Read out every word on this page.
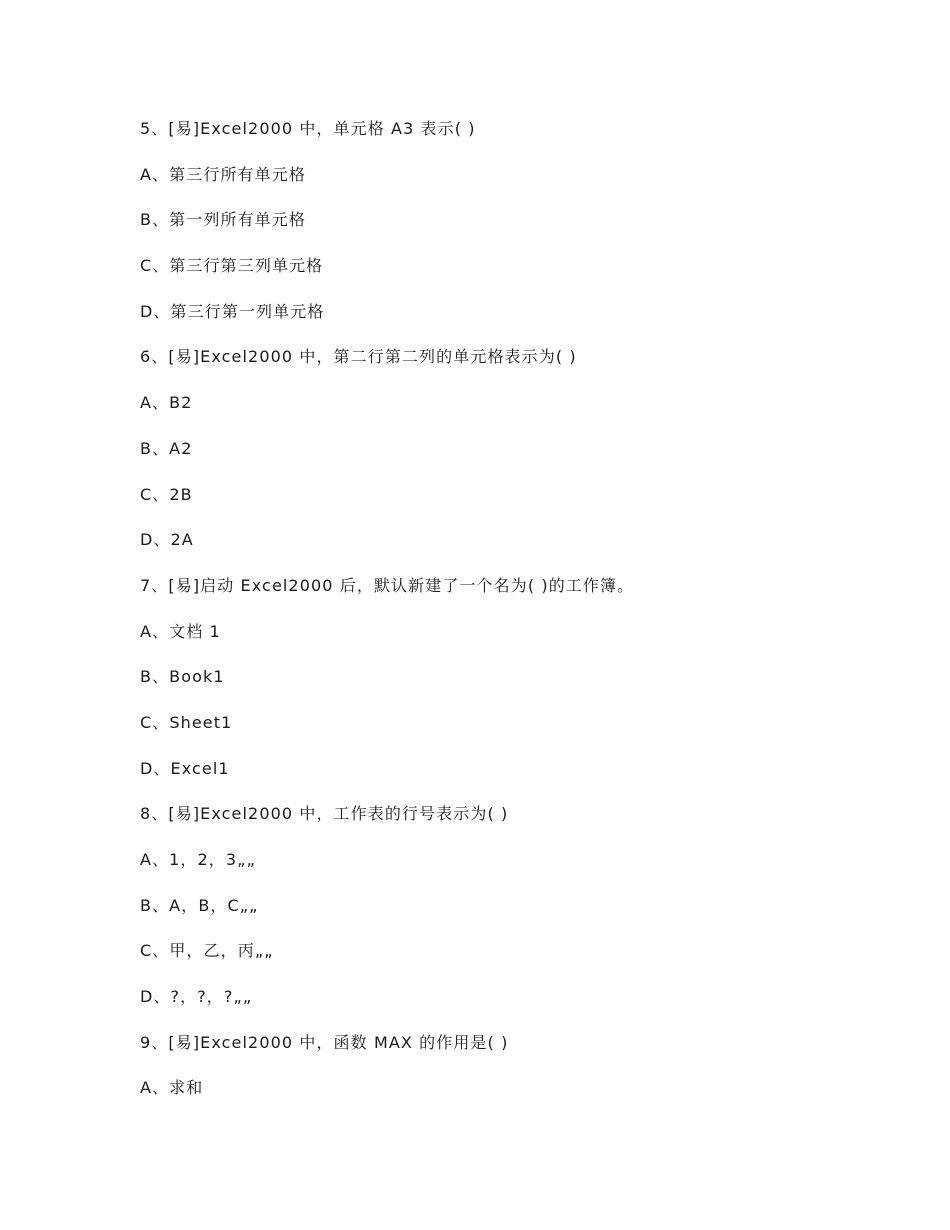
5、[易]Excel2000 中，单元格 A3 表示( )
A、第三行所有单元格
B、第一列所有单元格
C、第三行第三列单元格
D、第三行第一列单元格
6、[易]Excel2000 中，第二行第二列的单元格表示为( )
A、B2
B、A2
C、2B
D、2A
7、[易]启动 Excel2000 后，默认新建了一个名为( )的工作簿。
A、文档 1
B、Book1
C、Sheet1
D、Excel1
8、[易]Excel2000 中，工作表的行号表示为( )
A、1，2，3„„
B、A，B，C„„
C、甲，乙，丙„„
D、?，?，?„„
9、[易]Excel2000 中，函数 MAX 的作用是( )
A、求和
